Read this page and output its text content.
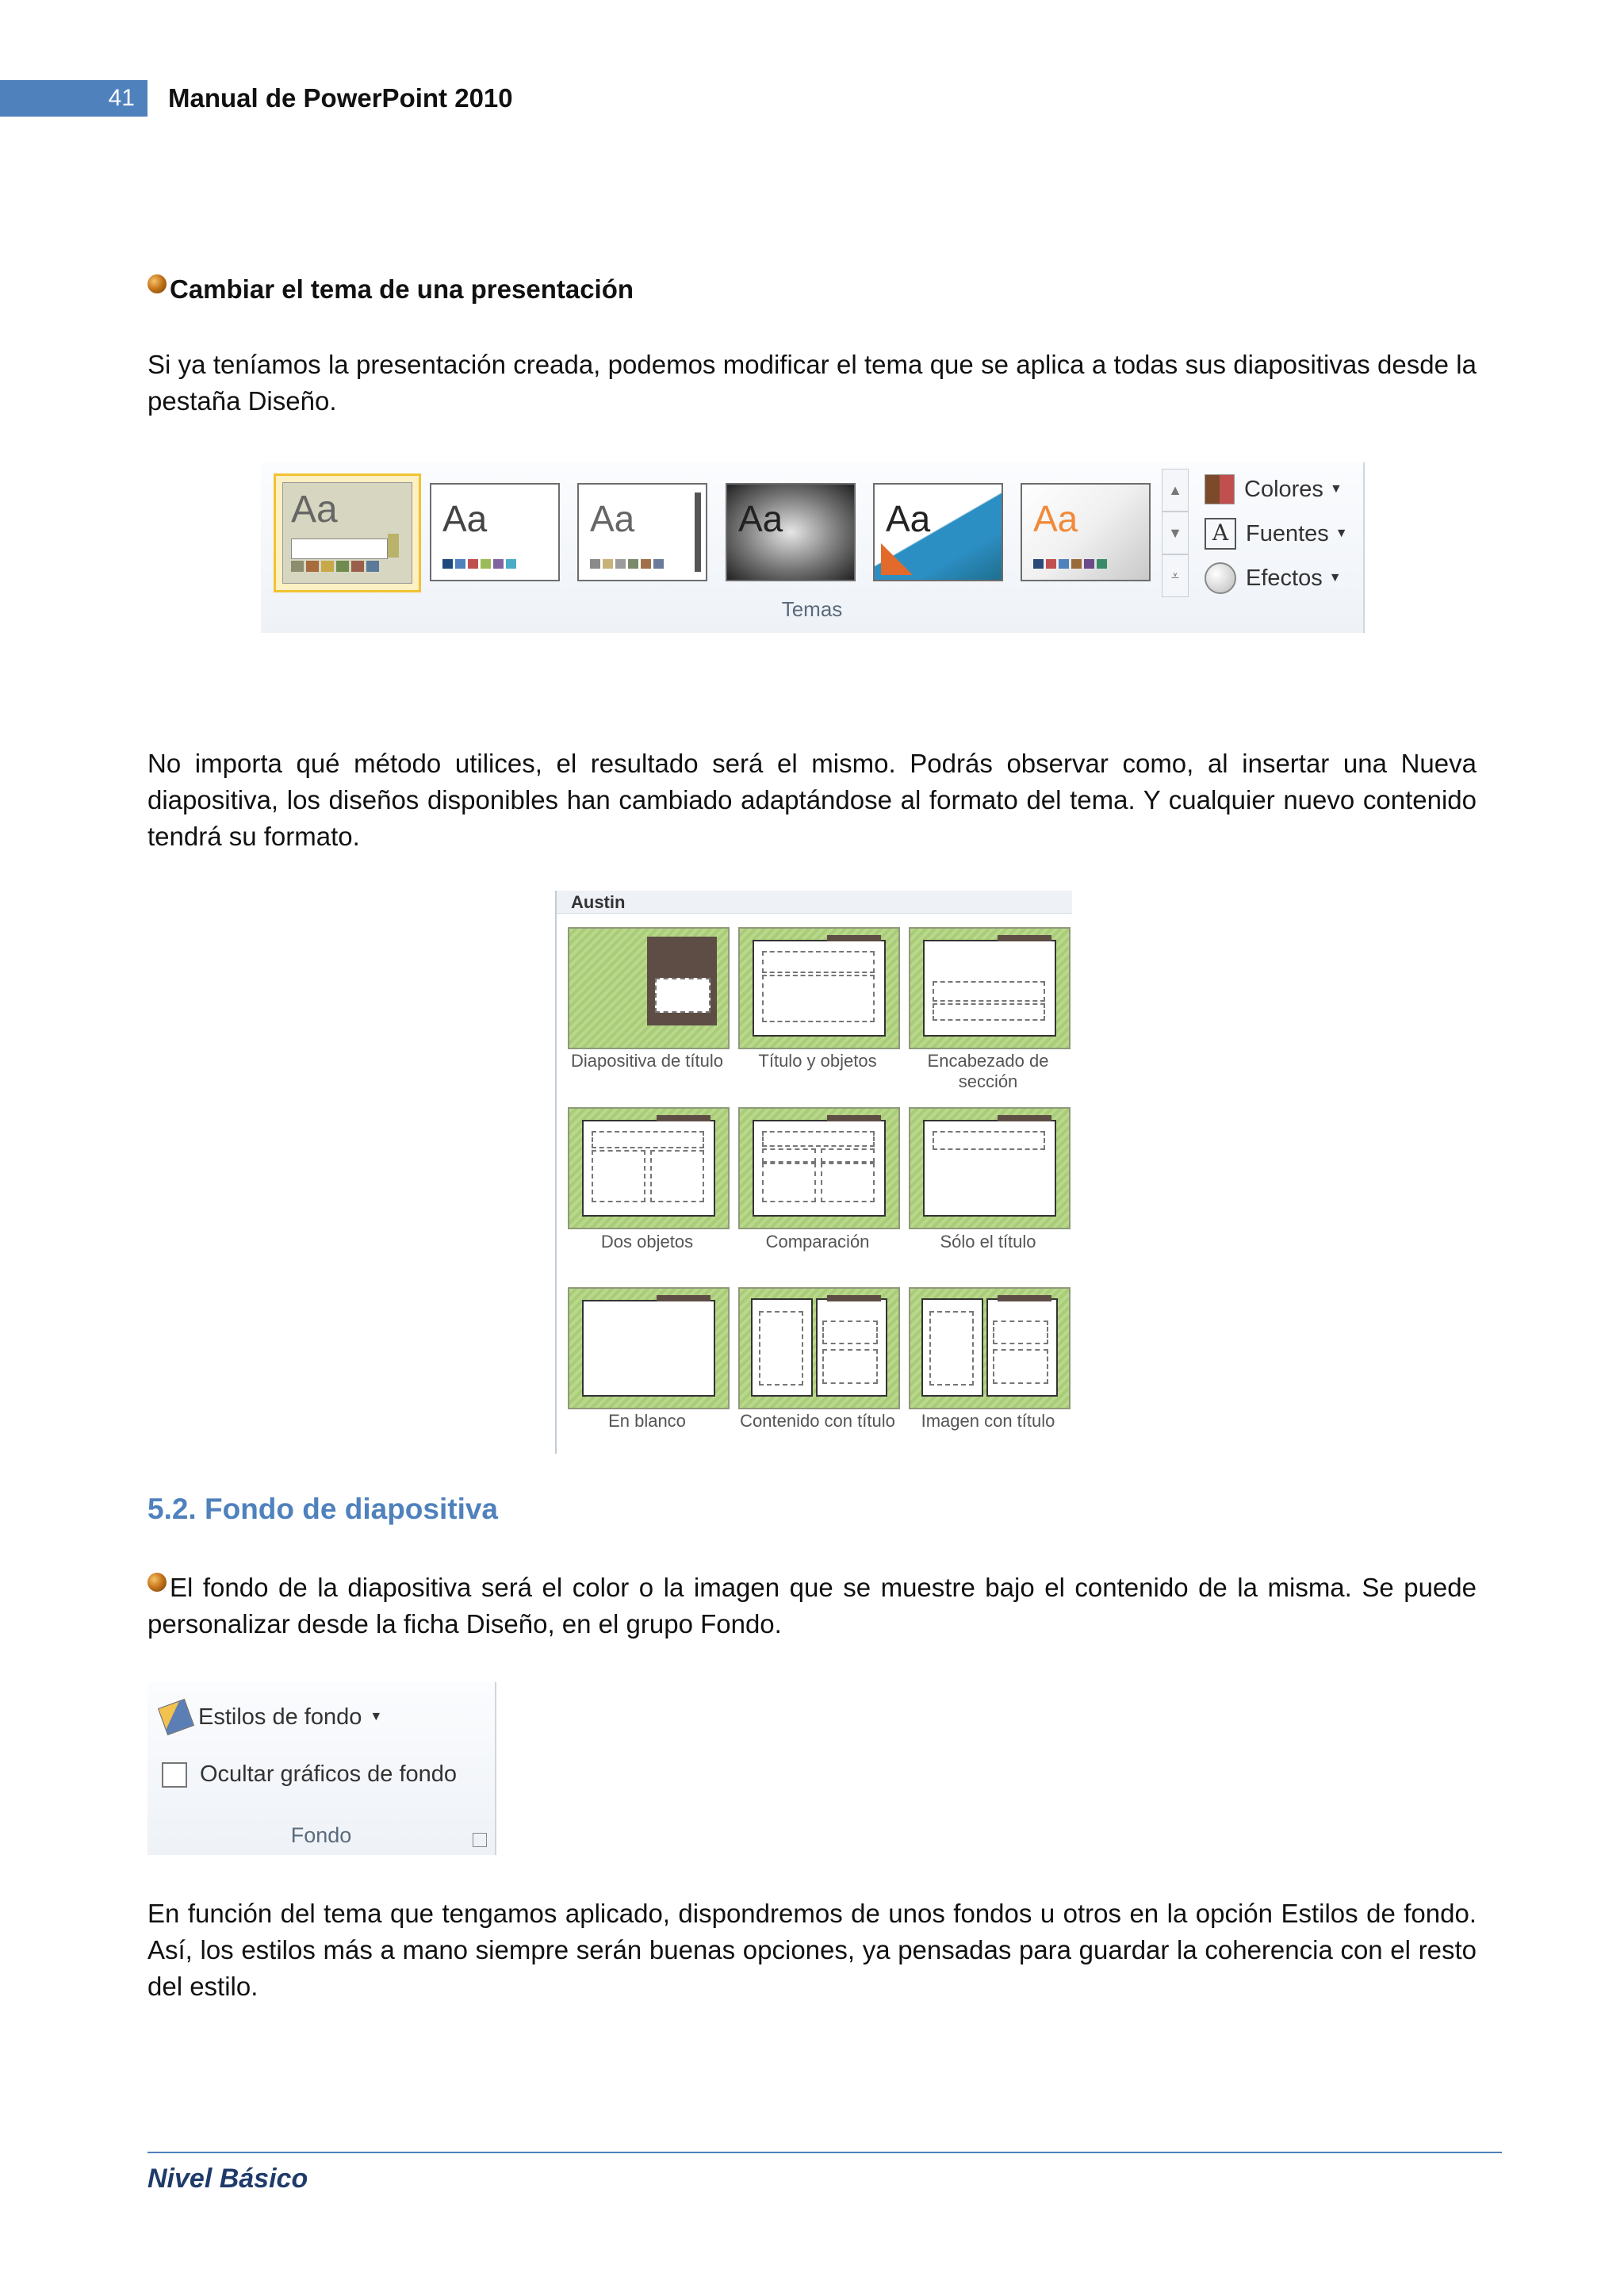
41 Manual de PowerPoint 2010
Cambiar el tema de una presentación
Si ya teníamos la presentación creada, podemos modificar el tema que se aplica a todas sus diapositivas desde la pestaña Diseño.
Aa	Aa	Aa	Aa	Aa	Aa
▲
▼
⩡
Colores ▼
A Fuentes ▼
Efectos ▼
Temas
No importa qué método utilices, el resultado será el mismo. Podrás observar como, al insertar una Nueva diapositiva, los diseños disponibles han cambiado adaptándose al formato del tema. Y cualquier nuevo contenido tendrá su formato.
Austin
Diapositiva de título	Título y objetos	Encabezado de sección
Dos objetos	Comparación	Sólo el título
En blanco	Contenido con título	Imagen con título
5.2. Fondo de diapositiva
El fondo de la diapositiva será el color o la imagen que se muestre bajo el contenido de la misma. Se puede personalizar desde la ficha Diseño, en el grupo Fondo.
Estilos de fondo ▼
Ocultar gráficos de fondo
Fondo
En función del tema que tengamos aplicado, dispondremos de unos fondos u otros en la opción Estilos de fondo. Así, los estilos más a mano siempre serán buenas opciones, ya pensadas para guardar la coherencia con el resto del estilo.
Nivel Básico
